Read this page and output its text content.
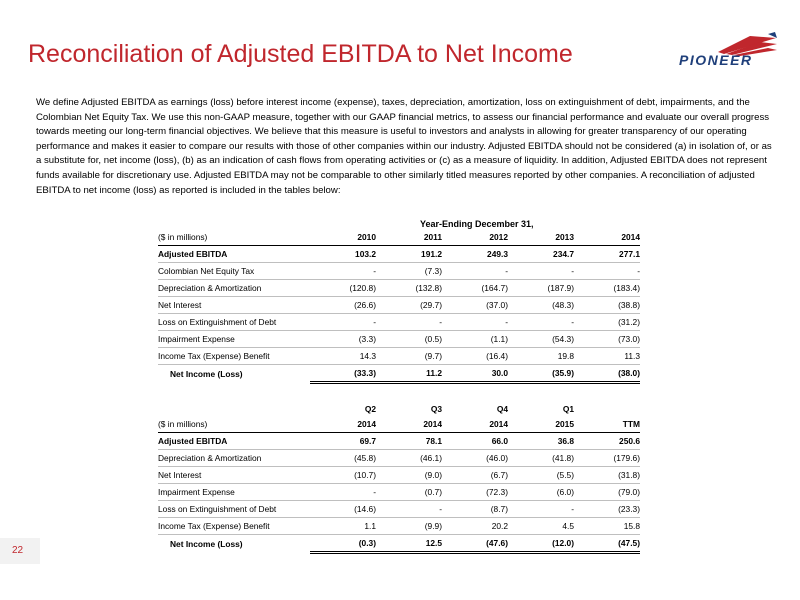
Reconciliation of Adjusted EBITDA to Net Income	PIONEER
We define Adjusted EBITDA as earnings (loss) before interest income (expense), taxes, depreciation, amortization, loss on extinguishment of debt, impairments, and the Colombian Net Equity Tax. We use this non-GAAP measure, together with our GAAP financial metrics, to assess our financial performance and evaluate our overall progress towards meeting our long-term financial objectives. We believe that this measure is useful to investors and analysts in allowing for greater transparency of our operating performance and makes it easier to compare our results with those of other companies within our industry. Adjusted EBITDA should not be considered (a) in isolation of, or as a substitute for, net income (loss), (b) as an indication of cash flows from operating activities or (c) as a measure of liquidity. In addition, Adjusted EBITDA does not represent funds available for discretionary use. Adjusted EBITDA may not be comparable to other similarly titled measures reported by other companies. A reconciliation of adjusted EBITDA to net income (loss) as reported is included in the tables below:
Year-Ending December 31,
($ in millions)	2010	2011	2012	2013	2014
Adjusted EBITDA	103.2	191.2	249.3	234.7	277.1
Colombian Net Equity Tax	-	(7.3)	-	-	-
Depreciation & Amortization	(120.8)	(132.8)	(164.7)	(187.9)	(183.4)
Net Interest	(26.6)	(29.7)	(37.0)	(48.3)	(38.8)
Loss on Extinguishment of Debt	-	-	-	-	(31.2)
Impairment Expense	(3.3)	(0.5)	(1.1)	(54.3)	(73.0)
Income Tax (Expense) Benefit	14.3	(9.7)	(16.4)	19.8	11.3
Net Income (Loss)	(33.3)	11.2	30.0	(35.9)	(38.0)
	Q2	Q3	Q4	Q1	
($ in millions)	2014	2014	2014	2015	TTM
Adjusted EBITDA	69.7	78.1	66.0	36.8	250.6
Depreciation & Amortization	(45.8)	(46.1)	(46.0)	(41.8)	(179.6)
Net Interest	(10.7)	(9.0)	(6.7)	(5.5)	(31.8)
Impairment Expense	-	(0.7)	(72.3)	(6.0)	(79.0)
Loss on Extinguishment of Debt	(14.6)	-	(8.7)	-	(23.3)
Income Tax (Expense) Benefit	1.1	(9.9)	20.2	4.5	15.8
Net Income (Loss)	(0.3)	12.5	(47.6)	(12.0)	(47.5)
22
